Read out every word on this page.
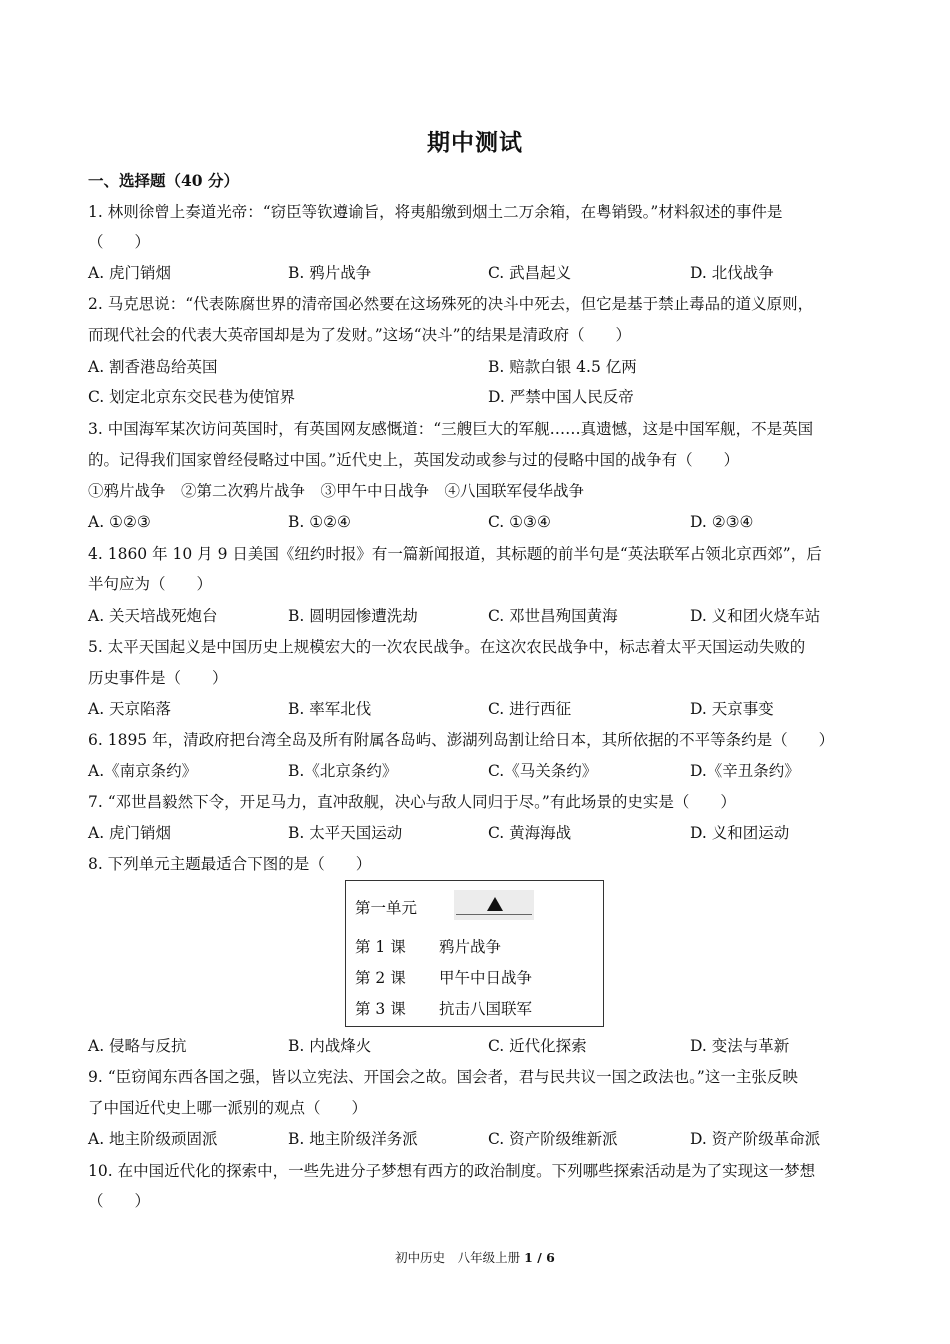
期中测试
一、选择题（40 分）
1. 林则徐曾上奏道光帝：“窃臣等钦遵谕旨，将夷船缴到烟土二万余箱，在粤销毁。”材料叙述的事件是
（　　）
A. 虎门销烟	B. 鸦片战争	C. 武昌起义	D. 北伐战争
2. 马克思说：“代表陈腐世界的清帝国必然要在这场殊死的决斗中死去，但它是基于禁止毒品的道义原则，
而现代社会的代表大英帝国却是为了发财。”这场“决斗”的结果是清政府（　　）
A. 割香港岛给英国	B. 赔款白银 4.5 亿两
C. 划定北京东交民巷为使馆界	D. 严禁中国人民反帝
3. 中国海军某次访问英国时，有英国网友感慨道：“三艘巨大的军舰……真遗憾，这是中国军舰，不是英国
的。记得我们国家曾经侵略过中国。”近代史上，英国发动或参与过的侵略中国的战争有（　　）
①鸦片战争　②第二次鸦片战争　③甲午中日战争　④八国联军侵华战争
A. ①②③	B. ①②④	C. ①③④	D. ②③④
4. 1860 年 10 月 9 日美国《纽约时报》有一篇新闻报道，其标题的前半句是“英法联军占领北京西郊”，后
半句应为（　　）
A. 关天培战死炮台	B. 圆明园惨遭洗劫	C. 邓世昌殉国黄海	D. 义和团火烧车站
5. 太平天国起义是中国历史上规模宏大的一次农民战争。在这次农民战争中，标志着太平天国运动失败的
历史事件是（　　）
A. 天京陷落	B. 率军北伐	C. 进行西征	D. 天京事变
6. 1895 年，清政府把台湾全岛及所有附属各岛屿、澎湖列岛割让给日本，其所依据的不平等条约是（　　）
A.《南京条约》	B.《北京条约》	C.《马关条约》	D.《辛丑条约》
7. “邓世昌毅然下令，开足马力，直冲敌舰，决心与敌人同归于尽。”有此场景的史实是（　　）
A. 虎门销烟	B. 太平天国运动	C. 黄海海战	D. 义和团运动
8. 下列单元主题最适合下图的是（　　）
第一单元
第 1 课 鸦片战争
第 2 课 甲午中日战争
第 3 课 抗击八国联军
A. 侵略与反抗	B. 内战烽火	C. 近代化探索	D. 变法与革新
9. “臣窃闻东西各国之强，皆以立宪法、开国会之故。国会者，君与民共议一国之政法也。”这一主张反映
了中国近代史上哪一派别的观点（　　）
A. 地主阶级顽固派	B. 地主阶级洋务派	C. 资产阶级维新派	D. 资产阶级革命派
10. 在中国近代化的探索中，一些先进分子梦想有西方的政治制度。下列哪些探索活动是为了实现这一梦想
（　　）
初中历史　八年级上册 1 / 6
